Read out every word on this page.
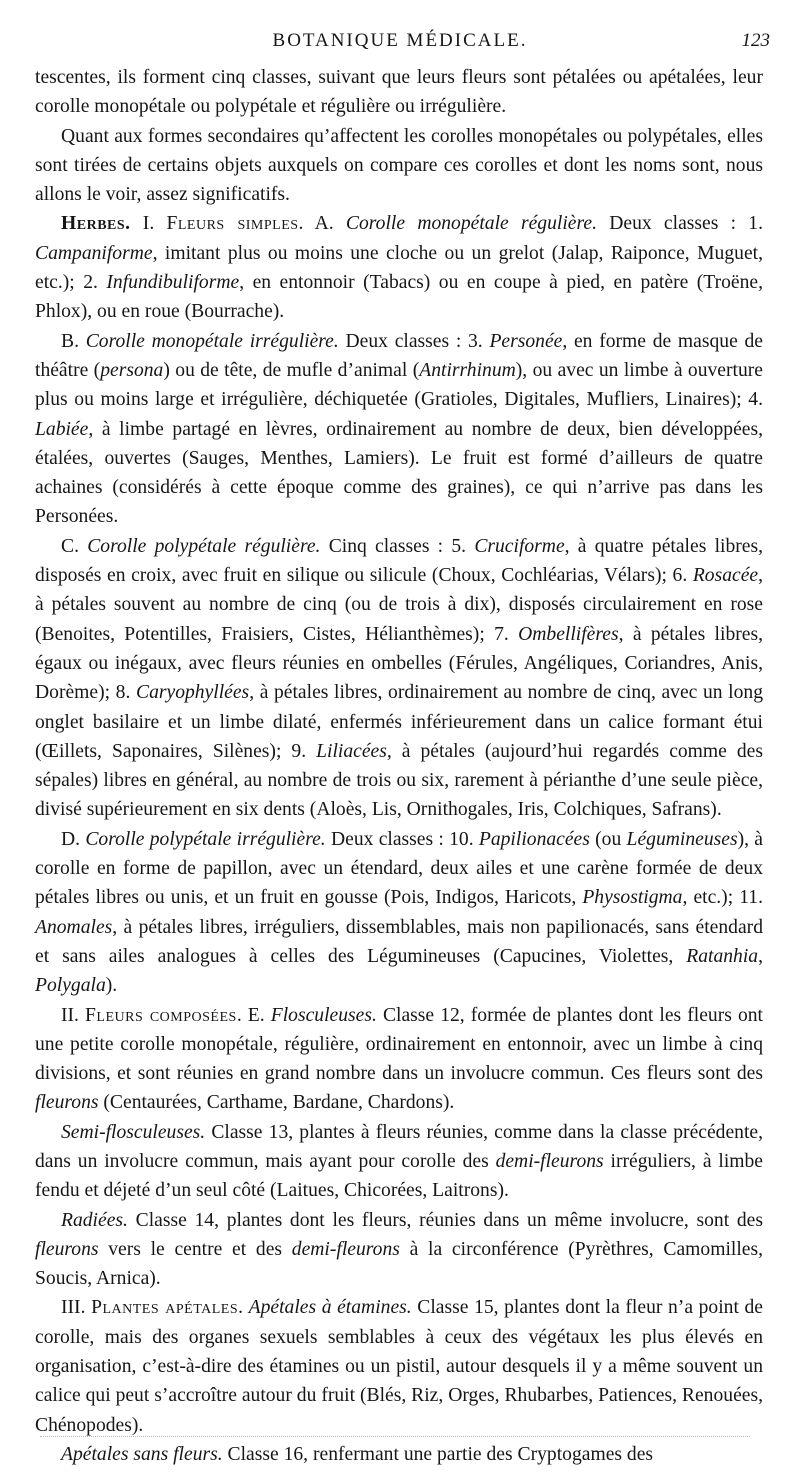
BOTANIQUE MÉDICALE.	123

tescentes, ils forment cinq classes, suivant que leurs fleurs sont pétalées ou apétalées, leur corolle monopétale ou polypétale et régulière ou irrégulière.

Quant aux formes secondaires qu’affectent les corolles monopétales ou polypétales, elles sont tirées de certains objets auxquels on compare ces corolles et dont les noms sont, nous allons le voir, assez significatifs.

Herbes. I. Fleurs simples. A. Corolle monopétale régulière. Deux classes : 1. Campaniforme, imitant plus ou moins une cloche ou un grelot (Jalap, Raiponce, Muguet, etc.); 2. Infundibuliforme, en entonnoir (Tabacs) ou en coupe à pied, en patère (Troëne, Phlox), ou en roue (Bourrache).

B. Corolle monopétale irrégulière. Deux classes : 3. Personée, en forme de masque de théâtre (persona) ou de tête, de mufle d’animal (Antirrhinum), ou avec un limbe à ouverture plus ou moins large et irrégulière, déchiquetée (Gratioles, Digitales, Mufliers, Linaires); 4. Labiée, à limbe partagé en lèvres, ordinairement au nombre de deux, bien développées, étalées, ouvertes (Sauges, Menthes, Lamiers). Le fruit est formé d’ailleurs de quatre achaines (considérés à cette époque comme des graines), ce qui n’arrive pas dans les Personées.

C. Corolle polypétale régulière. Cinq classes : 5. Cruciforme, à quatre pétales libres, disposés en croix, avec fruit en silique ou silicule (Choux, Cochléarias, Vélars); 6. Rosacée, à pétales souvent au nombre de cinq (ou de trois à dix), disposés circulairement en rose (Benoites, Potentilles, Fraisiers, Cistes, Hélianthèmes); 7. Ombellifères, à pétales libres, égaux ou inégaux, avec fleurs réunies en ombelles (Férules, Angéliques, Coriandres, Anis, Dorème); 8. Caryophyllées, à pétales libres, ordinairement au nombre de cinq, avec un long onglet basilaire et un limbe dilaté, enfermés inférieurement dans un calice formant étui (Œillets, Saponaires, Silènes); 9. Liliacées, à pétales (aujourd’hui regardés comme des sépales) libres en général, au nombre de trois ou six, rarement à périanthe d’une seule pièce, divisé supérieurement en six dents (Aloès, Lis, Ornithogales, Iris, Colchiques, Safrans).

D. Corolle polypétale irrégulière. Deux classes : 10. Papilionacées (ou Légumineuses), à corolle en forme de papillon, avec un étendard, deux ailes et une carène formée de deux pétales libres ou unis, et un fruit en gousse (Pois, Indigos, Haricots, Physostigma, etc.); 11. Anomales, à pétales libres, irréguliers, dissemblables, mais non papilionacés, sans étendard et sans ailes analogues à celles des Légumineuses (Capucines, Violettes, Ratanhia, Polygala).

II. Fleurs composées. E. Flosculeuses. Classe 12, formée de plantes dont les fleurs ont une petite corolle monopétale, régulière, ordinairement en entonnoir, avec un limbe à cinq divisions, et sont réunies en grand nombre dans un involucre commun. Ces fleurs sont des fleurons (Centaurées, Carthame, Bardane, Chardons).

Semi-flosculeuses. Classe 13, plantes à fleurs réunies, comme dans la classe précédente, dans un involucre commun, mais ayant pour corolle des demi-fleurons irréguliers, à limbe fendu et déjeté d’un seul côté (Laitues, Chicorées, Laitrons).

Radiées. Classe 14, plantes dont les fleurs, réunies dans un même involucre, sont des fleurons vers le centre et des demi-fleurons à la circonférence (Pyrèthres, Camomilles, Soucis, Arnica).

III. Plantes apétales. Apétales à étamines. Classe 15, plantes dont la fleur n’a point de corolle, mais des organes sexuels semblables à ceux des végétaux les plus élevés en organisation, c’est-à-dire des étamines ou un pistil, autour desquels il y a même souvent un calice qui peut s’accroître autour du fruit (Blés, Riz, Orges, Rhubarbes, Patiences, Renouées, Chénopodes).

Apétales sans fleurs. Classe 16, renfermant une partie des Cryptogames des
